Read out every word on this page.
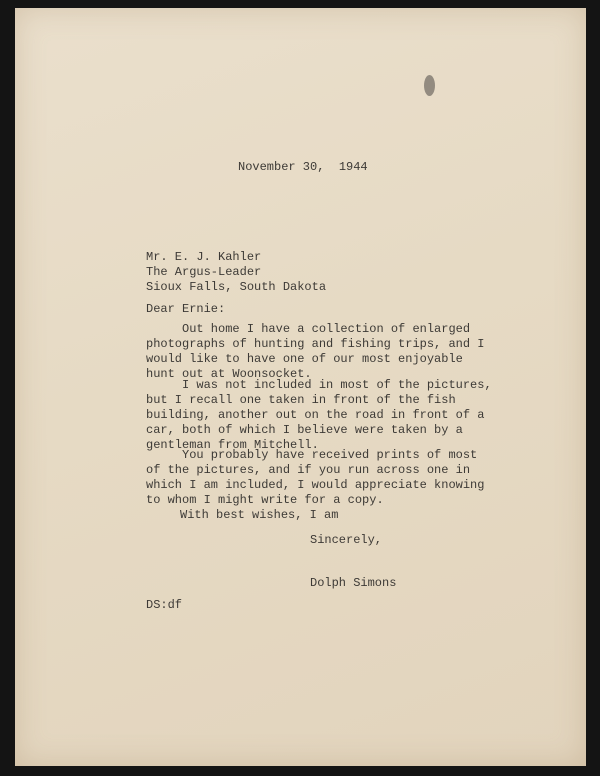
November 30,  1944
Mr. E. J. Kahler
The Argus-Leader
Sioux Falls, South Dakota
Dear Ernie:
Out home I have a collection of enlarged
photographs of hunting and fishing trips, and I
would like to have one of our most enjoyable
hunt out at Woonsocket.
I was not included in most of the pictures,
but I recall one taken in front of the fish
building, another out on the road in front of a
car, both of which I believe were taken by a
gentleman from Mitchell.
You probably have received prints of most
of the pictures, and if you run across one in
which I am included, I would appreciate knowing
to whom I might write for a copy.
With best wishes, I am
Sincerely,
Dolph Simons
DS:df
